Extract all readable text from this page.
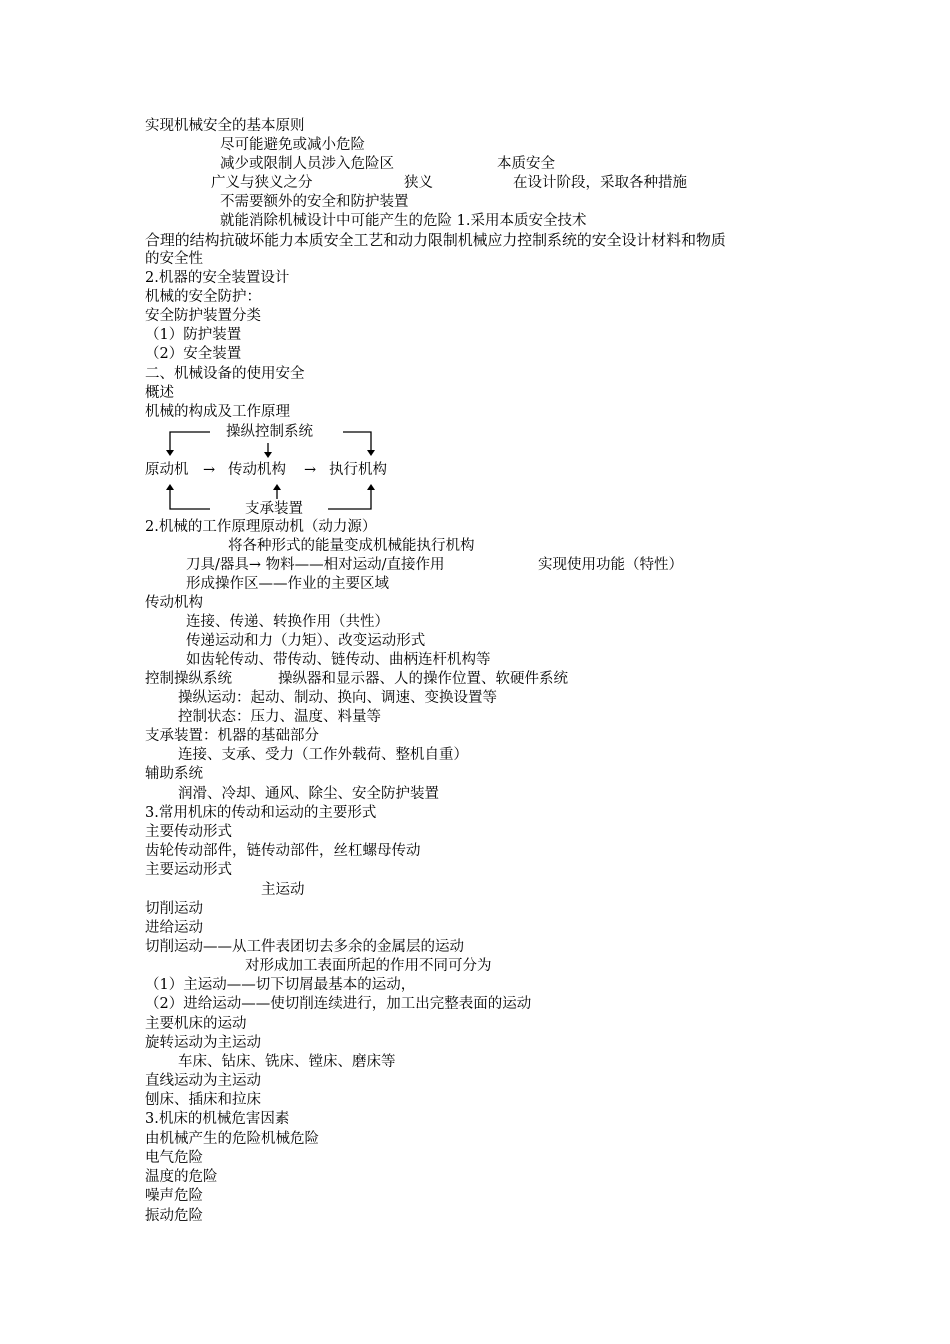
实现机械安全的基本原则
尽可能避免或减小危险
减少或限制人员涉入危险区	本质安全
广义与狭义之分	狭义	在设计阶段，采取各种措施
不需要额外的安全和防护装置
就能消除机械设计中可能产生的危险 1.采用本质安全技术
合理的结构抗破坏能力本质安全工艺和动力限制机械应力控制系统的安全设计材料和物质
的安全性
2.机器的安全装置设计
机械的安全防护：
安全防护装置分类
（1）防护装置
（2）安全装置
二、机械设备的使用安全
概述
机械的构成及工作原理
操纵控制系统
原动机 → 传动机构 → 执行机构
支承装置
2.机械的工作原理原动机（动力源）
将各种形式的能量变成机械能执行机构
刀具/器具→ 物料——相对运动/直接作用	实现使用功能（特性）
形成操作区——作业的主要区域
传动机构
连接、传递、转换作用（共性）
传递运动和力（力矩）、改变运动形式
如齿轮传动、带传动、链传动、曲柄连杆机构等
控制操纵系统	操纵器和显示器、人的操作位置、软硬件系统
操纵运动：起动、制动、换向、调速、变换设置等
控制状态：压力、温度、料量等
支承装置：机器的基础部分
连接、支承、受力（工作外载荷、整机自重）
辅助系统
润滑、冷却、通风、除尘、安全防护装置
3.常用机床的传动和运动的主要形式
主要传动形式
齿轮传动部件，链传动部件，丝杠螺母传动
主要运动形式
主运动
切削运动
进给运动
切削运动——从工件表团切去多余的金属层的运动
对形成加工表面所起的作用不同可分为
（1）主运动——切下切屑最基本的运动，
（2）进给运动——使切削连续进行，加工出完整表面的运动
主要机床的运动
旋转运动为主运动
车床、钻床、铣床、镗床、磨床等
直线运动为主运动
刨床、插床和拉床
3.机床的机械危害因素
由机械产生的危险机械危险
电气危险
温度的危险
噪声危险
振动危险
